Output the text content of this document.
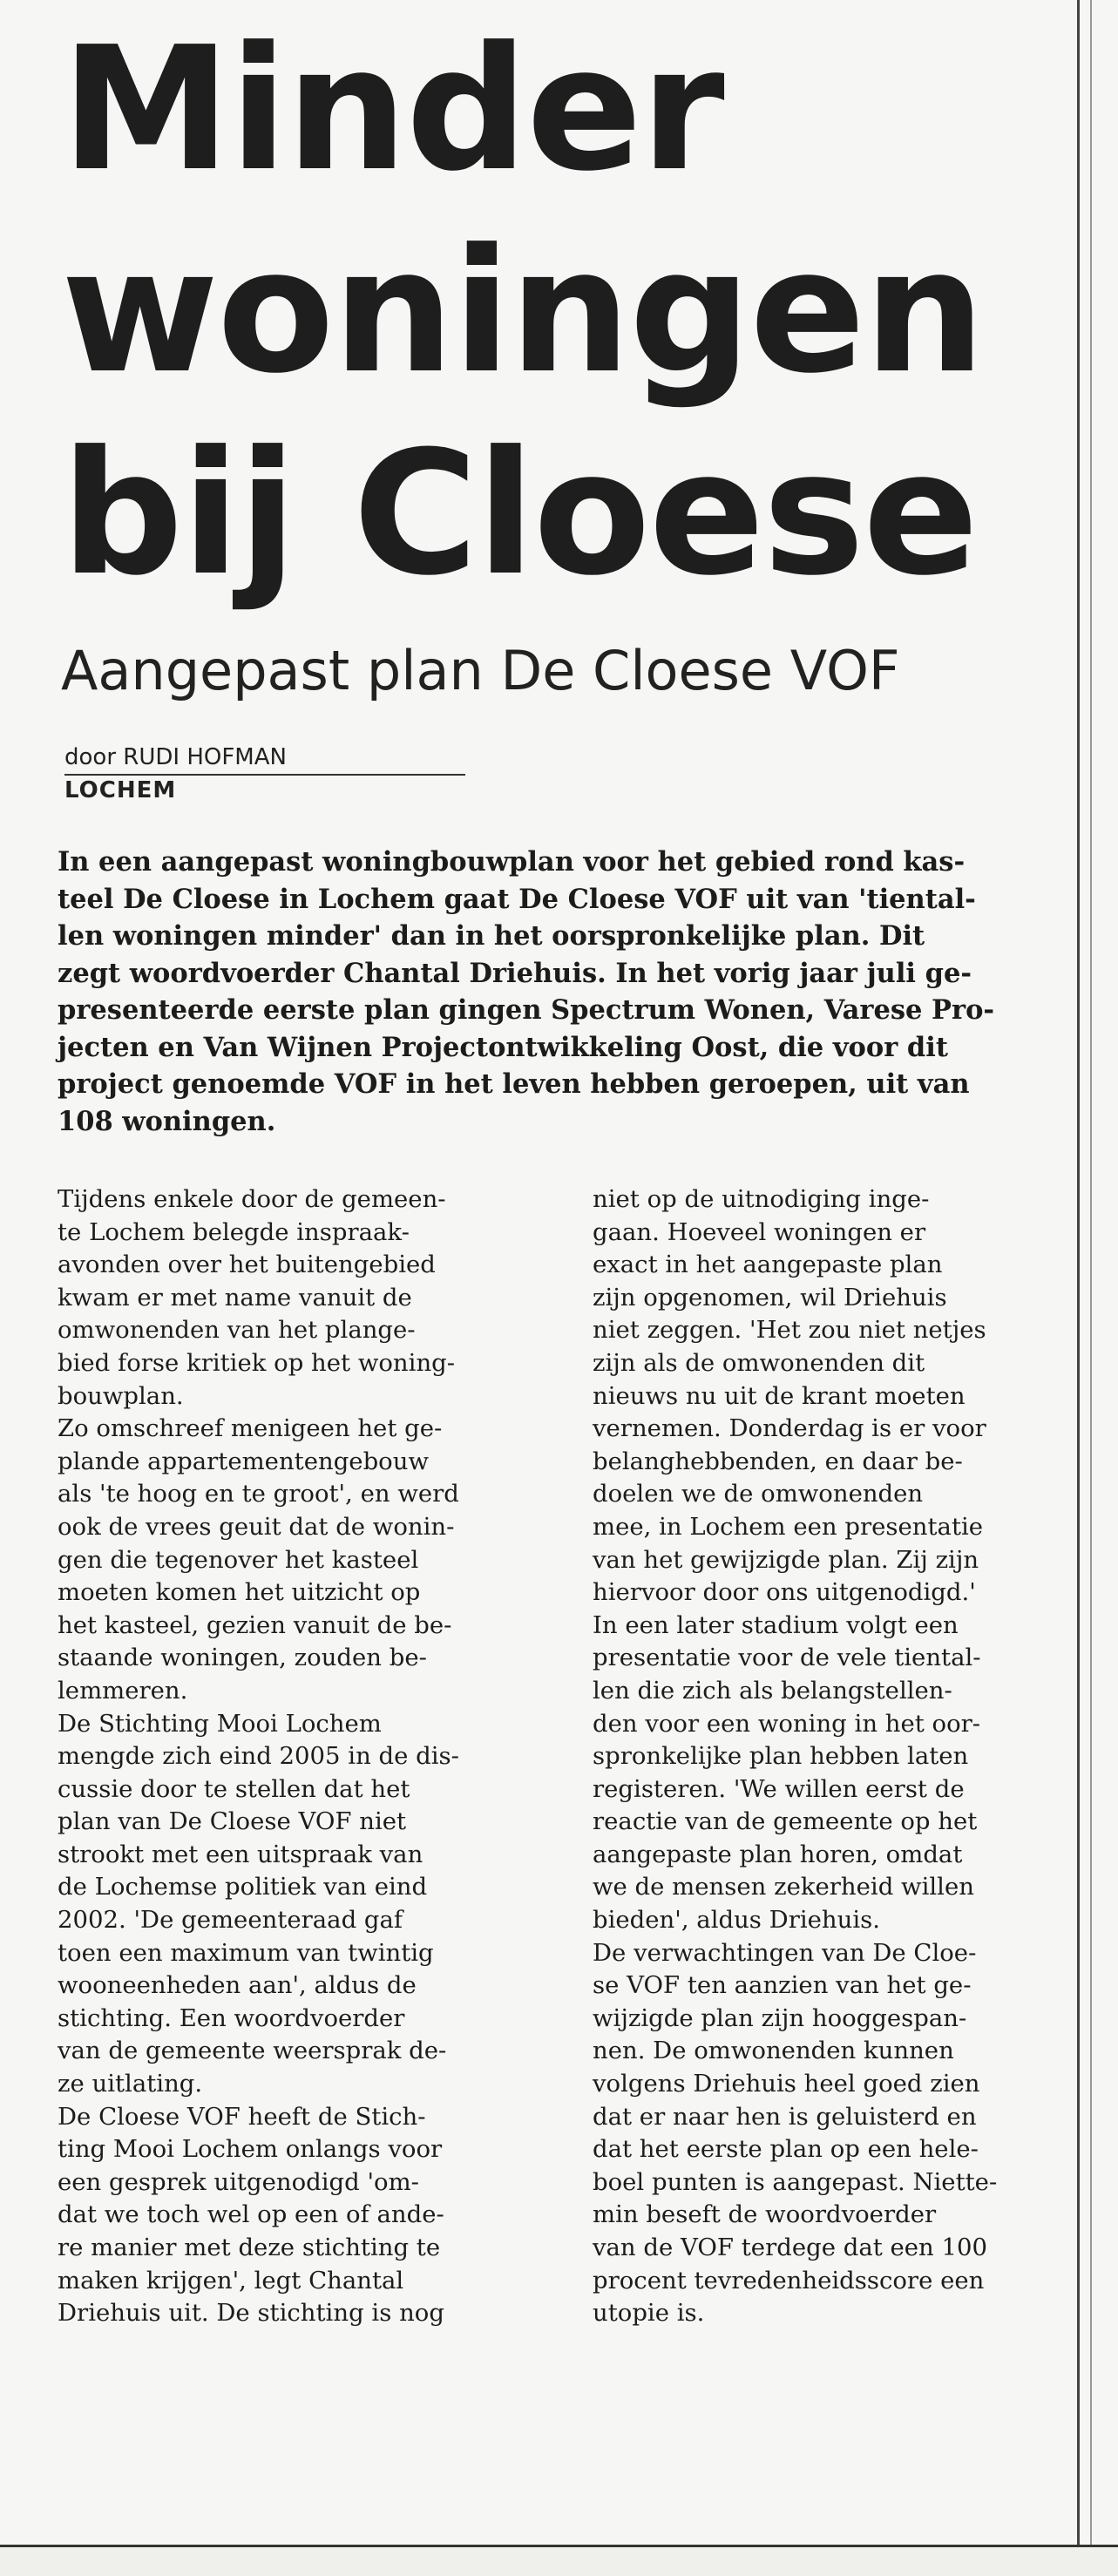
Minder
woningen
bij Cloese
Aangepast plan De Cloese VOF
door RUDI HOFMAN
LOCHEM

In een aangepast woningbouwplan voor het gebied rond kas-
teel De Cloese in Lochem gaat De Cloese VOF uit van 'tiental-
len woningen minder' dan in het oorspronkelijke plan. Dit
zegt woordvoerder Chantal Driehuis. In het vorig jaar juli ge-
presenteerde eerste plan gingen Spectrum Wonen, Varese Pro-
jecten en Van Wijnen Projectontwikkeling Oost, die voor dit
project genoemde VOF in het leven hebben geroepen, uit van
108 woningen.

Tijdens enkele door de gemeen-
te Lochem belegde inspraak-
avonden over het buitengebied
kwam er met name vanuit de
omwonenden van het plange-
bied forse kritiek op het woning-
bouwplan.
Zo omschreef menigeen het ge-
plande appartementengebouw
als 'te hoog en te groot', en werd
ook de vrees geuit dat de wonin-
gen die tegenover het kasteel
moeten komen het uitzicht op
het kasteel, gezien vanuit de be-
staande woningen, zouden be-
lemmeren.
De Stichting Mooi Lochem
mengde zich eind 2005 in de dis-
cussie door te stellen dat het
plan van De Cloese VOF niet
strookt met een uitspraak van
de Lochemse politiek van eind
2002. 'De gemeenteraad gaf
toen een maximum van twintig
wooneenheden aan', aldus de
stichting. Een woordvoerder
van de gemeente weersprak de-
ze uitlating.
De Cloese VOF heeft de Stich-
ting Mooi Lochem onlangs voor
een gesprek uitgenodigd 'om-
dat we toch wel op een of ande-
re manier met deze stichting te
maken krijgen', legt Chantal
Driehuis uit. De stichting is nog
niet op de uitnodiging inge-
gaan. Hoeveel woningen er
exact in het aangepaste plan
zijn opgenomen, wil Driehuis
niet zeggen. 'Het zou niet netjes
zijn als de omwonenden dit
nieuws nu uit de krant moeten
vernemen. Donderdag is er voor
belanghebbenden, en daar be-
doelen we de omwonenden
mee, in Lochem een presentatie
van het gewijzigde plan. Zij zijn
hiervoor door ons uitgenodigd.'
In een later stadium volgt een
presentatie voor de vele tiental-
len die zich als belangstellen-
den voor een woning in het oor-
spronkelijke plan hebben laten
registeren. 'We willen eerst de
reactie van de gemeente op het
aangepaste plan horen, omdat
we de mensen zekerheid willen
bieden', aldus Driehuis.
De verwachtingen van De Cloe-
se VOF ten aanzien van het ge-
wijzigde plan zijn hooggespan-
nen. De omwonenden kunnen
volgens Driehuis heel goed zien
dat er naar hen is geluisterd en
dat het eerste plan op een hele-
boel punten is aangepast. Niette-
min beseft de woordvoerder
van de VOF terdege dat een 100
procent tevredenheidsscore een
utopie is.
